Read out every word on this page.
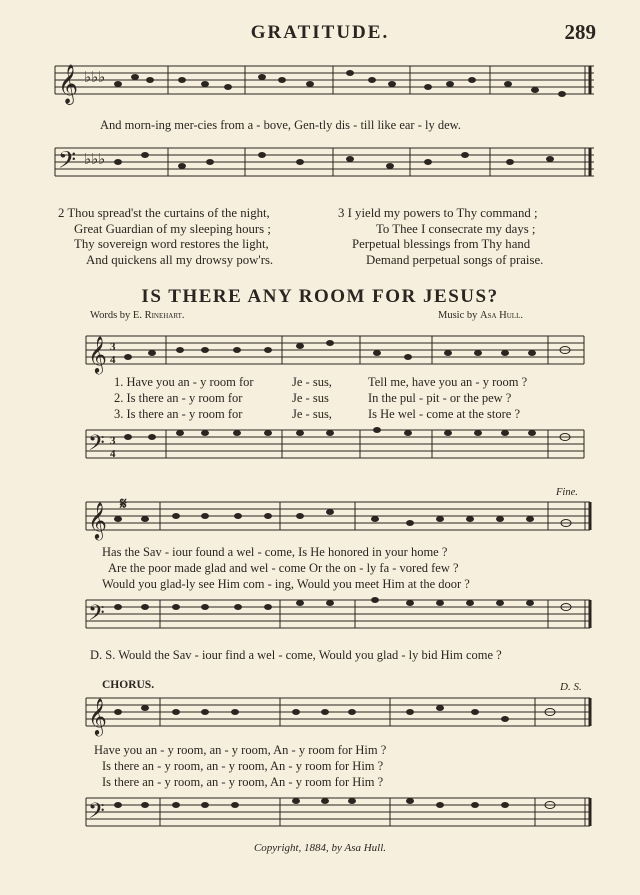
GRATITUDE.	289
𝄞 ♭♭♭
And morn-ing mer-cies from a - bove, Gen-tly dis - till like ear - ly dew.
𝄢 ♭♭♭
2 Thou spread'st the curtains of the night,
Great Guardian of my sleeping hours ;
Thy sovereign word restores the light,
And quickens all my drowsy pow'rs.
3 I yield my powers to Thy command ;
To Thee I consecrate my days ;
Perpetual blessings from Thy hand
Demand perpetual songs of praise.
IS THERE ANY ROOM FOR JESUS?
Words by E. Rinehart.	Music by Asa Hull.
𝄞 3
4
1. Have you an - y room for	Je - sus,	Tell me, have you an - y room ?
2. Is there an - y room for	Je - sus	In the pul - pit - or the pew ?
3. Is there an - y room for	Je - sus,	Is He wel - come at the store ?
𝄢 3
4
Fine.
𝄞 𝄋
Has the Sav - iour found a wel - come, Is He honored in your home ?
Are the poor made glad and wel - come Or the on - ly fa - vored few ?
Would you glad-ly see Him com - ing, Would you meet Him at the door ?
𝄢
D. S. Would the Sav - iour find a wel - come, Would you glad - ly bid Him come ?
CHORUS.	D. S.
𝄞
Have you an - y room, an - y room, An - y room for Him ?
Is there an - y room, an - y room, An - y room for Him ?
Is there an - y room, an - y room, An - y room for Him ?
𝄢
Copyright, 1884, by Asa Hull.
